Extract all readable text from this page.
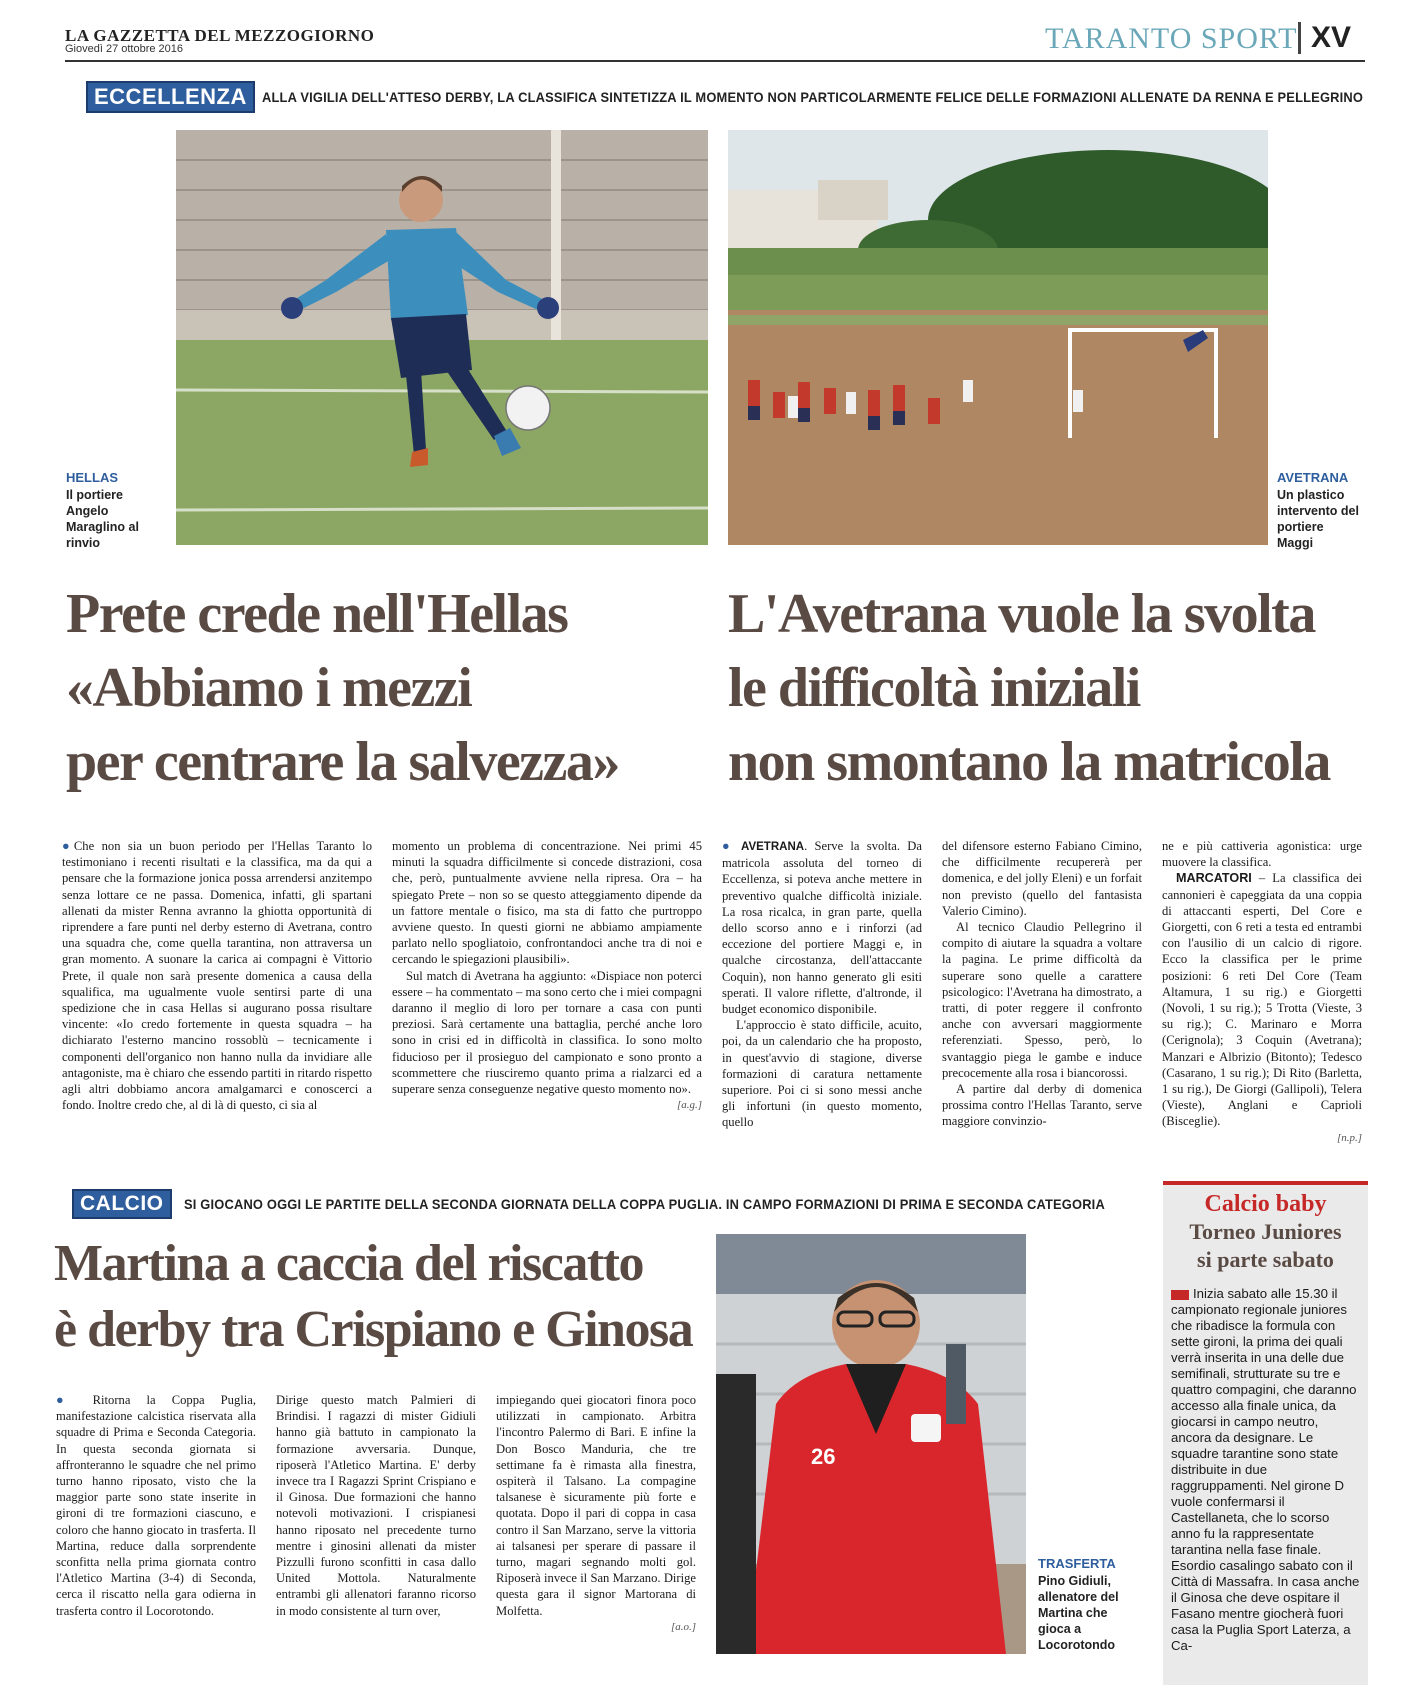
LA GAZZETTA DEL MEZZOGIORNO
Giovedì 27 ottobre 2016	TARANTO SPORT XV
ECCELLENZA	ALLA VIGILIA DELL'ATTESO DERBY, LA CLASSIFICA SINTETIZZA IL MOMENTO NON PARTICOLARMENTE FELICE DELLE FORMAZIONI ALLENATE DA RENNA E PELLEGRINO
HELLAS
Il portiere
Angelo
Maraglino al
rinvio
AVETRANA
Un plastico
intervento del
portiere
Maggi
Prete crede nell'Hellas
«Abbiamo i mezzi
per centrare la salvezza»
L'Avetrana vuole la svolta
le difficoltà iniziali
non smontano la matricola
●Che non sia un buon periodo per l'Hellas Taranto lo testimoniano i recenti risultati e la classifica, ma da qui a pensare che la formazione jonica possa arrendersi anzitempo senza lottare ce ne passa. Domenica, infatti, gli spartani allenati da mister Renna avranno la ghiotta opportunità di riprendere a fare punti nel derby esterno di Avetrana, contro una squadra che, come quella tarantina, non attraversa un gran momento. A suonare la carica ai compagni è Vittorio Prete, il quale non sarà presente domenica a causa della squalifica, ma ugualmente vuole sentirsi parte di una spedizione che in casa Hellas si augurano possa risultare vincente: «Io credo fortemente in questa squadra – ha dichiarato l'esterno mancino rossoblù – tecnicamente i componenti dell'organico non hanno nulla da invidiare alle antagoniste, ma è chiaro che essendo partiti in ritardo rispetto agli altri dobbiamo ancora amalgamarci e conoscerci a fondo. Inoltre credo che, al di là di questo, ci sia al
momento un problema di concentrazione. Nei primi 45 minuti la squadra difficilmente si concede distrazioni, cosa che, però, puntualmente avviene nella ripresa. Ora – ha spiegato Prete – non so se questo atteggiamento dipende da un fattore mentale o fisico, ma sta di fatto che purtroppo avviene questo. In questi giorni ne abbiamo ampiamente parlato nello spogliatoio, confrontandoci anche tra di noi e cercando le spiegazioni plausibili».
Sul match di Avetrana ha aggiunto: «Dispiace non poterci essere – ha commentato – ma sono certo che i miei compagni daranno il meglio di loro per tornare a casa con punti preziosi. Sarà certamente una battaglia, perché anche loro sono in crisi ed in difficoltà in classifica. Io sono molto fiducioso per il prosieguo del campionato e sono pronto a scommettere che riusciremo quanto prima a rialzarci ed a superare senza conseguenze negative questo momento no».
[a.g.]
● AVETRANA. Serve la svolta. Da matricola assoluta del torneo di Eccellenza, si poteva anche mettere in preventivo qualche difficoltà iniziale. La rosa ricalca, in gran parte, quella dello scorso anno e i rinforzi (ad eccezione del portiere Maggi e, in qualche circostanza, dell'attaccante Coquin), non hanno generato gli esiti sperati. Il valore riflette, d'altronde, il budget economico disponibile.
L'approccio è stato difficile, acuito, poi, da un calendario che ha proposto, in quest'avvio di stagione, diverse formazioni di caratura nettamente superiore. Poi ci si sono messi anche gli infortuni (in questo momento, quello
del difensore esterno Fabiano Cimino, che difficilmente recupererà per domenica, e del jolly Eleni) e un forfait non previsto (quello del fantasista Valerio Cimino).
Al tecnico Claudio Pellegrino il compito di aiutare la squadra a voltare la pagina. Le prime difficoltà da superare sono quelle a carattere psicologico: l'Avetrana ha dimostrato, a tratti, di poter reggere il confronto anche con avversari maggiormente referenziati. Spesso, però, lo svantaggio piega le gambe e induce precocemente alla rosa i biancorossi.
A partire dal derby di domenica prossima contro l'Hellas Taranto, serve maggiore convinzio-
ne e più cattiveria agonistica: urge muovere la classifica.
MARCATORI – La classifica dei cannonieri è capeggiata da una coppia di attaccanti esperti, Del Core e Giorgetti, con 6 reti a testa ed entrambi con l'ausilio di un calcio di rigore. Ecco la classifica per le prime posizioni: 6 reti Del Core (Team Altamura, 1 su rig.) e Giorgetti (Novoli, 1 su rig.); 5 Trotta (Vieste, 3 su rig.); C. Marinaro e Morra (Cerignola); 3 Coquin (Avetrana); Manzari e Albrizio (Bitonto); Tedesco (Casarano, 1 su rig.); Di Rito (Barletta, 1 su rig.), De Giorgi (Gallipoli), Telera (Vieste), Anglani e Caprioli (Bisceglie).
[n.p.]
CALCIO	SI GIOCANO OGGI LE PARTITE DELLA SECONDA GIORNATA DELLA COPPA PUGLIA. IN CAMPO FORMAZIONI DI PRIMA E SECONDA CATEGORIA
Martina a caccia del riscatto
è derby tra Crispiano e Ginosa
● Ritorna la Coppa Puglia, manifestazione calcistica riservata alla squadre di Prima e Seconda Categoria. In questa seconda giornata si affronteranno le squadre che nel primo turno hanno riposato, visto che la maggior parte sono state inserite in gironi di tre formazioni ciascuno, e coloro che hanno giocato in trasferta. Il Martina, reduce dalla sorprendente sconfitta nella prima giornata contro l'Atletico Martina (3-4) di Seconda, cerca il riscatto nella gara odierna in trasferta contro il Locorotondo.
Dirige questo match Palmieri di Brindisi. I ragazzi di mister Gidiuli hanno già battuto in campionato la formazione avversaria. Dunque, riposerà l'Atletico Martina. E' derby invece tra I Ragazzi Sprint Crispiano e il Ginosa. Due formazioni che hanno notevoli motivazioni. I crispianesi hanno riposato nel precedente turno mentre i ginosini allenati da mister Pizzulli furono sconfitti in casa dallo United Mottola. Naturalmente entrambi gli allenatori faranno ricorso in modo consistente al turn over,
impiegando quei giocatori finora poco utilizzati in campionato. Arbitra l'incontro Palermo di Bari. E infine la Don Bosco Manduria, che tre settimane fa è rimasta alla finestra, ospiterà il Talsano. La compagine talsanese è sicuramente più forte e quotata. Dopo il pari di coppa in casa contro il San Marzano, serve la vittoria ai talsanesi per sperare di passare il turno, magari segnando molti gol. Riposerà invece il San Marzano. Dirige questa gara il signor Martorana di Molfetta.
[a.o.]
26
TRASFERTA
Pino Gidiuli,
allenatore del
Martina che
gioca a
Locorotondo
Calcio baby
Torneo Juniores
si parte sabato
Inizia sabato alle 15.30 il campionato regionale juniores che ribadisce la formula con sette gironi, la prima dei quali verrà inserita in una delle due semifinali, strutturate su tre e quattro compagini, che daranno accesso alla finale unica, da giocarsi in campo neutro, ancora da designare. Le squadre tarantine sono state distribuite in due raggruppamenti. Nel girone D vuole confermarsi il Castellaneta, che lo scorso anno fu la rappresentate tarantina nella fase finale. Esordio casalingo sabato con il Città di Massafra. In casa anche il Ginosa che deve ospitare il Fasano mentre giocherà fuori casa la Puglia Sport Laterza, a Ca-
